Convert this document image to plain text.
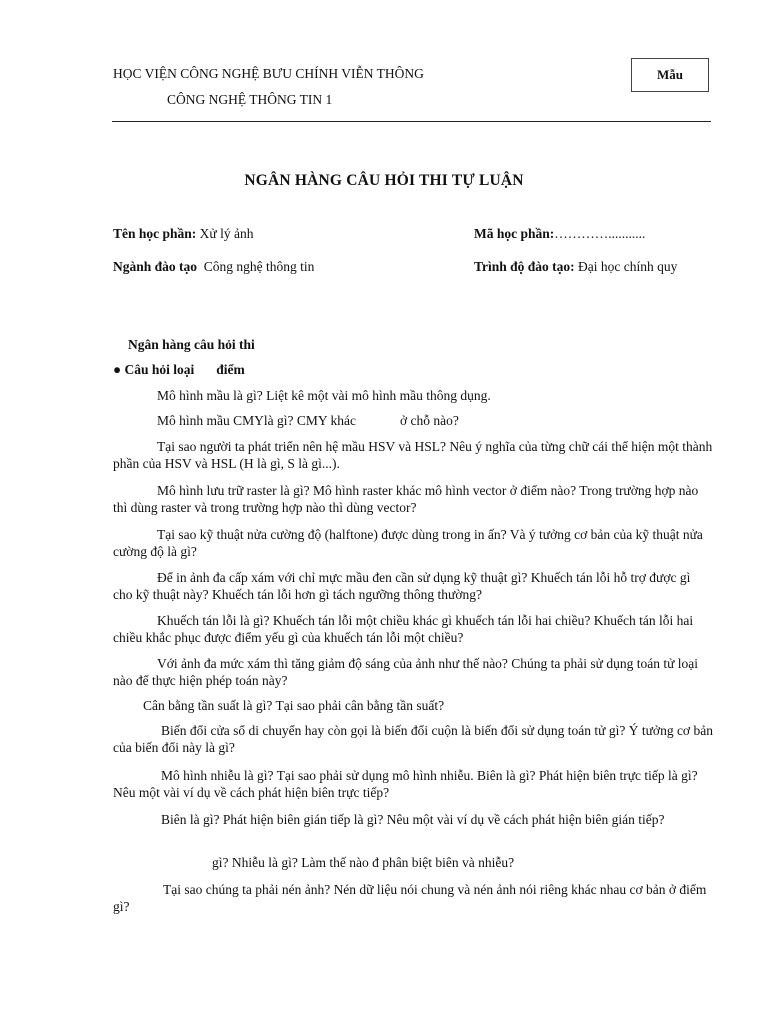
HỌC VIỆN CÔNG NGHỆ BƯU CHÍNH VIỄN THÔNG
CÔNG NGHỆ THÔNG TIN 1
Mẫu
NGÂN HÀNG CÂU HỎI THI TỰ LUẬN
Tên học phần: Xử lý ảnh	Mã học phần:…………...........
Ngành đào tạo  Công nghệ thông tin	Trình độ đào tạo: Đại học chính quy
Ngân hàng câu hỏi thi
● Câu hỏi loại điểm
Mô hình mầu là gì? Liệt kê một vài mô hình mầu thông dụng.
Mô hình mầu CMYlà gì? CMY khác	ở chỗ nào?
Tại sao người ta phát triển nên hệ mầu HSV và HSL? Nêu ý nghĩa của từng chữ cái thể hiện một thành phần của HSV và HSL (H là gì, S là gì...).
Mô hình lưu trữ raster là gì? Mô hình raster khác mô hình vector ở điểm nào? Trong trường hợp nào thì dùng raster và trong trường hợp nào thì dùng vector?
Tại sao kỹ thuật nửa cường độ (halftone) được dùng trong in ấn? Và ý tưởng cơ bản của kỹ thuật nửa cường độ là gì?
Để in ảnh đa cấp xám với chỉ mực mầu đen cần sử dụng kỹ thuật gì? Khuếch tán lỗi hỗ trợ được gì cho kỹ thuật này? Khuếch tán lỗi hơn gì tách ngưỡng thông thường?
Khuếch tán lỗi là gì? Khuếch tán lỗi một chiều khác gì khuếch tán lỗi hai chiều? Khuếch tán lỗi hai chiều khắc phục được điểm yếu gì của khuếch tán lỗi một chiều?
Với ảnh đa mức xám thì tăng giảm độ sáng của ảnh như thế nào? Chúng ta phải sử dụng toán tử loại nào để thực hiện phép toán này?
Cân bằng tần suất là gì? Tại sao phải cân bằng tần suất?
Biến đổi cửa sổ di chuyển hay còn gọi là biến đổi cuộn là biến đổi sử dụng toán tử gì? Ý tưởng cơ bản của biến đổi này là gì?
Mô hình nhiễu là gì? Tại sao phải sử dụng mô hình nhiễu. Biên là gì? Phát hiện biên trực tiếp là gì? Nêu một vài ví dụ về cách phát hiện biên trực tiếp?
Biên là gì? Phát hiện biên gián tiếp là gì? Nêu một vài ví dụ về cách phát hiện biên gián tiếp?
gì? Nhiễu là gì? Làm thế nào đ phân biệt biên và nhiễu?
Tại sao chúng ta phải nén ảnh? Nén dữ liệu nói chung và nén ảnh nói riêng khác nhau cơ bản ở điểm gì?
